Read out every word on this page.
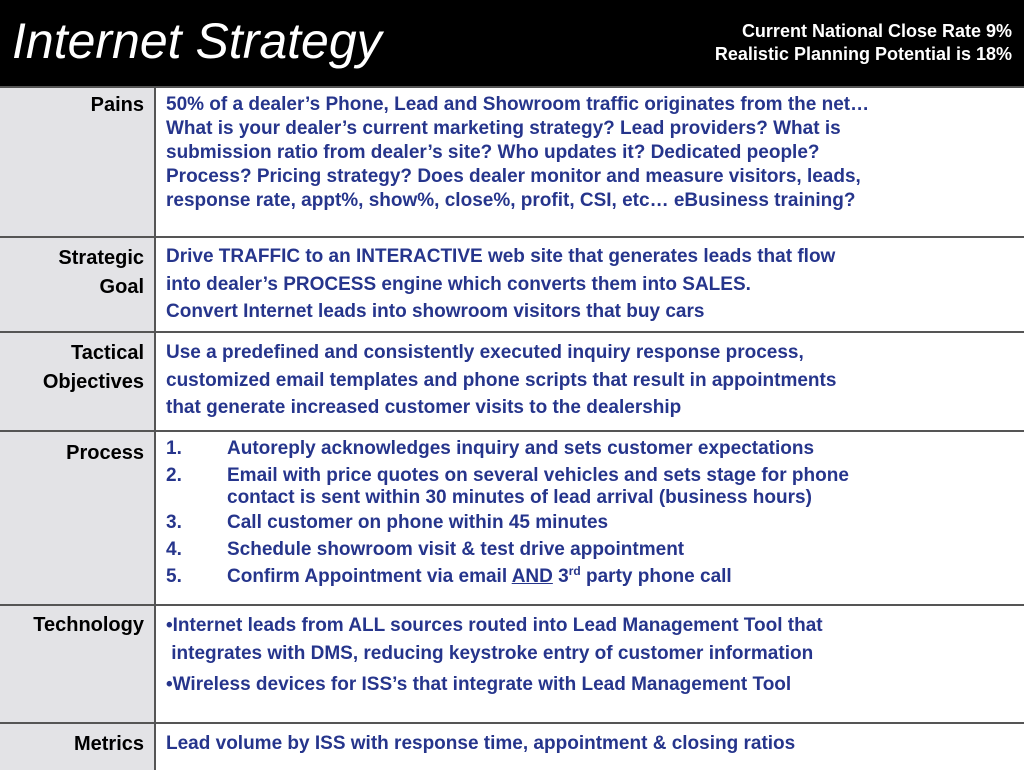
Internet Strategy	Current National Close Rate 9%
Realistic Planning Potential is 18%
Pains 50% of a dealer’s Phone, Lead and Showroom traffic originates from the net…
What is your dealer’s current marketing strategy? Lead providers? What is
submission ratio from dealer’s site? Who updates it? Dedicated people?
Process? Pricing strategy? Does dealer monitor and measure visitors, leads,
response rate, appt%, show%, close%, profit, CSI, etc… eBusiness training?
Strategic
Goal
Drive TRAFFIC to an INTERACTIVE web site that generates leads that flow
into dealer’s PROCESS engine which converts them into SALES.
Convert Internet leads into showroom visitors that buy cars
Tactical
Objectives
Use a predefined and consistently executed inquiry response process,
customized email templates and phone scripts that result in appointments
that generate increased customer visits to the dealership
Process 1. Autoreply acknowledges inquiry and sets customer expectations
2. Email with price quotes on several vehicles and sets stage for phone
contact is sent within 30 minutes of lead arrival (business hours)
3. Call customer on phone within 45 minutes
4. Schedule showroom visit & test drive appointment
5. Confirm Appointment via email AND 3rd party phone call
Technology •Internet leads from ALL sources routed into Lead Management Tool that
integrates with DMS, reducing keystroke entry of customer information
•Wireless devices for ISS’s that integrate with Lead Management Tool
Metrics Lead volume by ISS with response time, appointment & closing ratios
